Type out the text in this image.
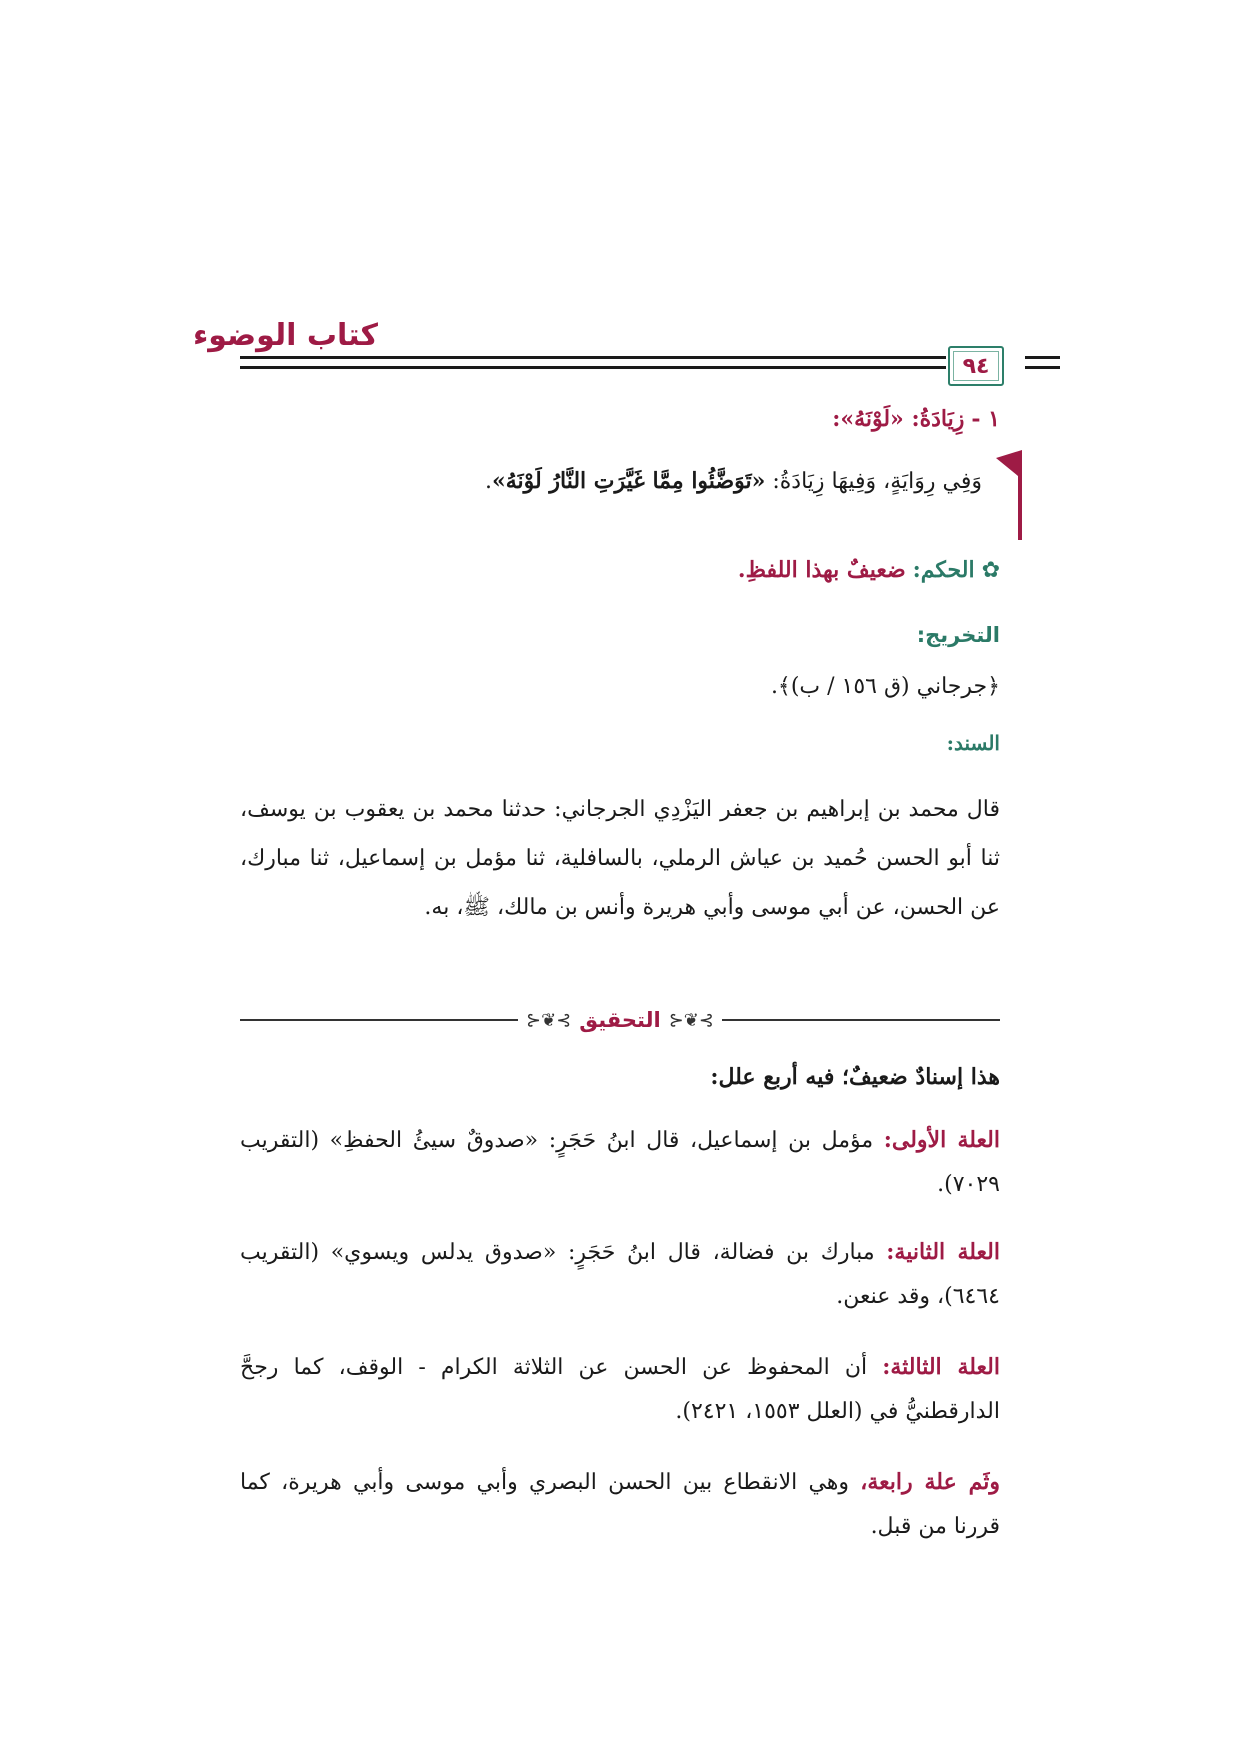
كتاب الوضوء
٩٤
١ - زِيَادَةُ: «لَوْنَهُ»:
وَفِي رِوَايَةٍ، وَفِيهَا زِيَادَةُ: «تَوَضَّئُوا مِمَّا غَيَّرَتِ النَّارُ لَوْنَهُ».
✿ الحكم: ضعيفٌ بهذا اللفظِ.
التخريج:
﴿جرجاني (ق ١٥٦ / ب)﴾.
السند:
قال محمد بن إبراهيم بن جعفر اليَزْدِي الجرجاني: حدثنا محمد بن يعقوب بن يوسف، ثنا أبو الحسن حُميد بن عياش الرملي، بالسافلية، ثنا مؤمل بن إسماعيل، ثنا مبارك، عن الحسن، عن أبي موسى وأبي هريرة وأنس بن مالك، ﷺ، به.
⊱❦⊰ التحقيق ⊱❦⊰
هذا إسنادٌ ضعيفٌ؛ فيه أربع علل:
العلة الأولى: مؤمل بن إسماعيل، قال ابنُ حَجَرٍ: «صدوقٌ سيئُ الحفظِ» (التقريب ٧٠٢٩).
العلة الثانية: مبارك بن فضالة، قال ابنُ حَجَرٍ: «صدوق يدلس ويسوي» (التقريب ٦٤٦٤)، وقد عنعن.
العلة الثالثة: أن المحفوظ عن الحسن عن الثلاثة الكرام - الوقف، كما رجحَّ الدارقطنيُّ في (العلل ١٥٥٣، ٢٤٢١).
وثَم علة رابعة، وهي الانقطاع بين الحسن البصري وأبي موسى وأبي هريرة، كما قررنا من قبل.
